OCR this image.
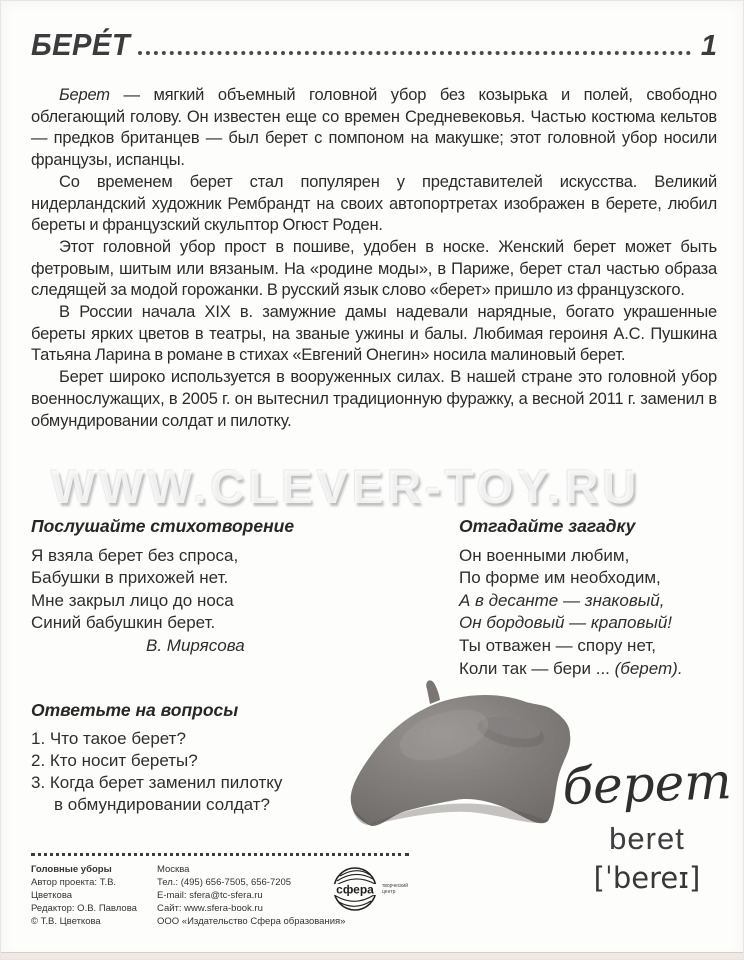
БЕРЕ́Т	1

Берет — мягкий объемный головной убор без козырька и полей, свободно облегающий голову. Он известен еще со времен Средневековья. Частью костюма кельтов — предков британцев — был берет с помпоном на макушке; этот головной убор носили французы, испанцы.

Со временем берет стал популярен у представителей искусства. Великий нидерландский художник Рембрандт на своих автопортретах изображен в берете, любил береты и французский скульптор Огюст Роден.

Этот головной убор прост в пошиве, удобен в носке. Женский берет может быть фетровым, шитым или вязаным. На «родине моды», в Париже, берет стал частью образа следящей за модой горожанки. В русский язык слово «берет» пришло из французского.

В России начала XIX в. замужние дамы надевали нарядные, богато украшенные береты ярких цветов в театры, на званые ужины и балы. Любимая героиня А.С. Пушкина Татьяна Ларина в романе в стихах «Евгений Онегин» носила малиновый берет.

Берет широко используется в вооруженных силах. В нашей стране это головной убор военнослужащих, в 2005 г. он вытеснил традиционную фуражку, а весной 2011 г. заменил в обмундировании солдат и пилотку.

WWW.CLEVER-TOY.RU
Послушайте стихотворение
Я взяла берет без спроса,
Бабушки в прихожей нет.
Мне закрыл лицо до носа
Синий бабушкин берет.
В. Мирясова
Отгадайте загадку
Он военными любим,
По форме им необходим,
А в десанте — знаковый,
Он бордовый — краповый!
Ты отважен — спору нет,
Коли так — бери ... (берет).
Ответьте на вопросы
1. Что такое берет?
2. Кто носит береты?
3. Когда берет заменил пилотку
в обмундировании солдат?	берет
beret
[ˈbereɪ]
Головные уборы
Автор проекта: Т.В. Цветкова
Редактор: О.В. Павлова
© Т.В. Цветкова
Москва
Тел.: (495) 656-7505, 656-7205
E-mail: sfera@tc-sfera.ru
Сайт: www.sfera-book.ru
ООО «Издательство Сфера образования»
сфера творческий центр
